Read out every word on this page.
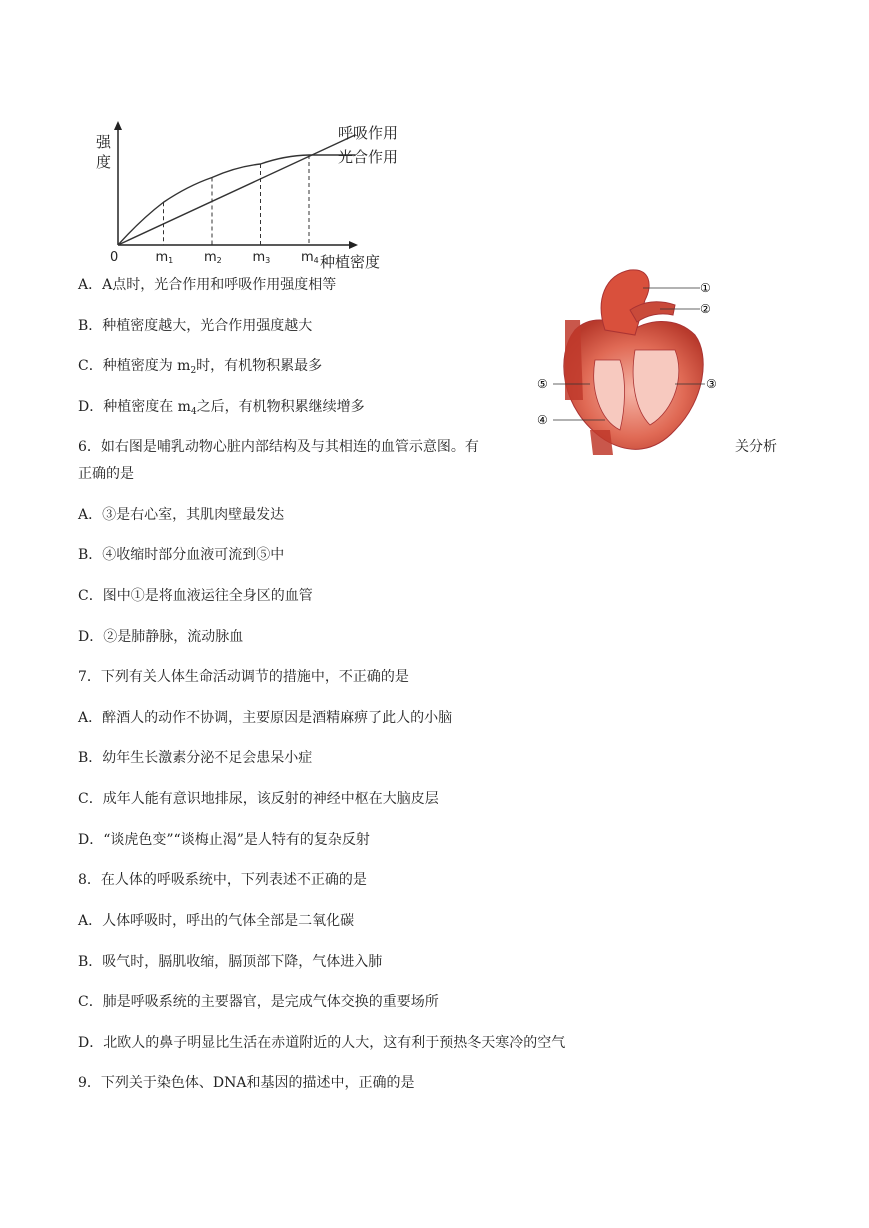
强
度
0	种植密度
m1 m2 m3 m4
呼吸作用
光合作用
①
②
③
④
⑤
A．A点时，光合作用和呼吸作用强度相等
B．种植密度越大，光合作用强度越大
C．种植密度为 $m_2$时，有机物积累最多
D．种植密度在 $m_4$之后，有机物积累继续增多
6．如右图是哺乳动物心脏内部结构及与其相连的血管示意图。有	关分析
正确的是
A．③是右心室，其肌肉壁最发达
B．④收缩时部分血液可流到⑤中
C．图中①是将血液运往全身区的血管
D．②是肺静脉，流动脉血
7．下列有关人体生命活动调节的措施中，不正确的是
A．醉酒人的动作不协调，主要原因是酒精麻痹了此人的小脑
B．幼年生长激素分泌不足会患呆小症
C．成年人能有意识地排尿，该反射的神经中枢在大脑皮层
D．“谈虎色变”“谈梅止渴”是人特有的复杂反射
8．在人体的呼吸系统中，下列表述不正确的是
A．人体呼吸时，呼出的气体全部是二氧化碳
B．吸气时，膈肌收缩，膈顶部下降，气体进入肺
C．肺是呼吸系统的主要器官，是完成气体交换的重要场所
D．北欧人的鼻子明显比生活在赤道附近的人大，这有利于预热冬天寒冷的空气
9．下列关于染色体、DNA和基因的描述中，正确的是
